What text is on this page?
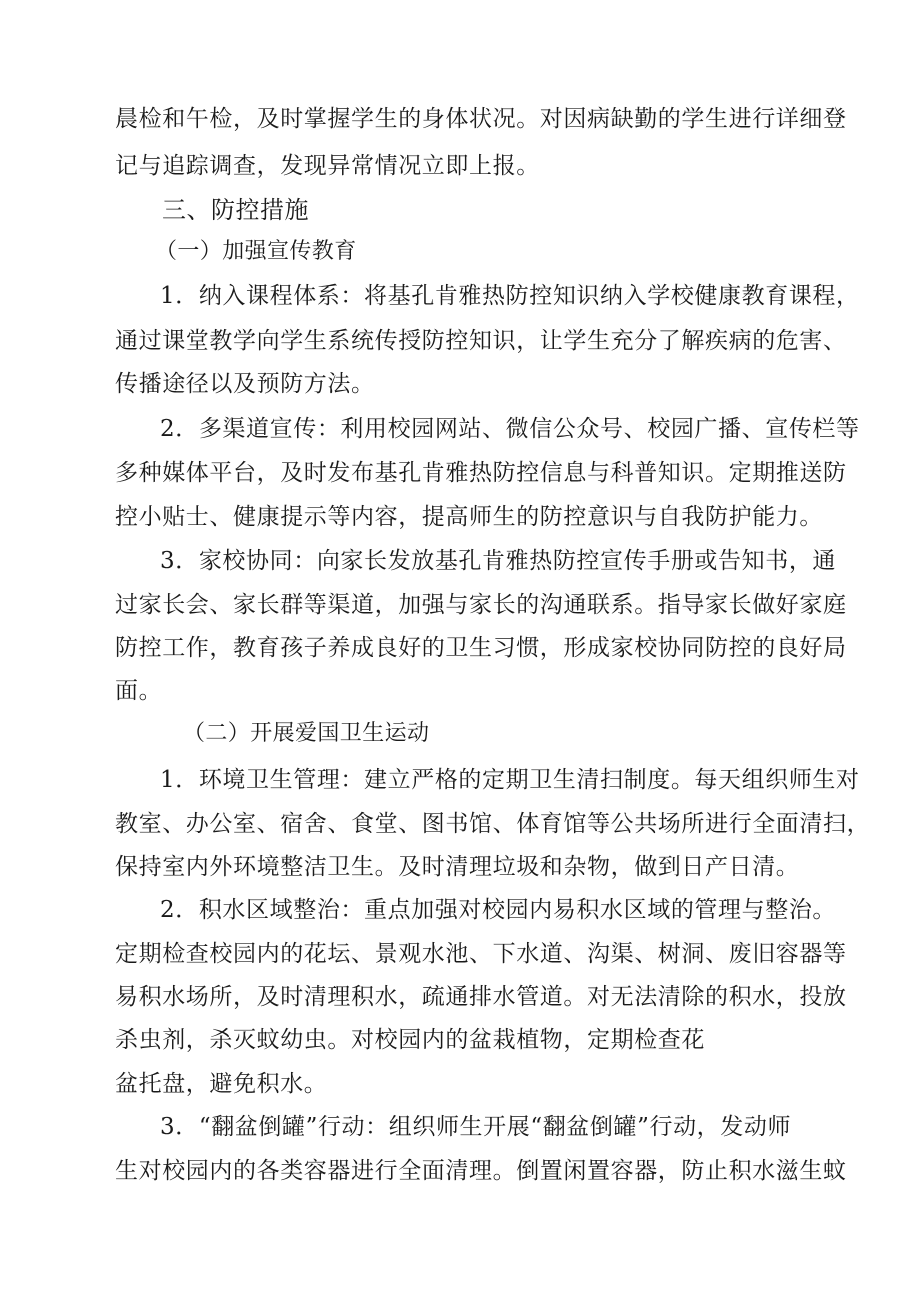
晨检和午检，及时掌握学生的身体状况。对因病缺勤的学生进行详细登

记与追踪调查，发现异常情况立即上报。

三、防控措施

（一）加强宣传教育

1．纳入课程体系：将基孔肯雅热防控知识纳入学校健康教育课程，

通过课堂教学向学生系统传授防控知识，让学生充分了解疾病的危害、

传播途径以及预防方法。

2．多渠道宣传：利用校园网站、微信公众号、校园广播、宣传栏等

多种媒体平台，及时发布基孔肯雅热防控信息与科普知识。定期推送防

控小贴士、健康提示等内容，提高师生的防控意识与自我防护能力。

3．家校协同：向家长发放基孔肯雅热防控宣传手册或告知书，通

过家长会、家长群等渠道，加强与家长的沟通联系。指导家长做好家庭

防控工作，教育孩子养成良好的卫生习惯，形成家校协同防控的良好局

面。

（二）开展爱国卫生运动

1．环境卫生管理：建立严格的定期卫生清扫制度。每天组织师生对

教室、办公室、宿舍、食堂、图书馆、体育馆等公共场所进行全面清扫，

保持室内外环境整洁卫生。及时清理垃圾和杂物，做到日产日清。

2．积水区域整治：重点加强对校园内易积水区域的管理与整治。

定期检查校园内的花坛、景观水池、下水道、沟渠、树洞、废旧容器等

易积水场所，及时清理积水，疏通排水管道。对无法清除的积水，投放

杀虫剂，杀灭蚊幼虫。对校园内的盆栽植物，定期检查花

盆托盘，避免积水。

3．“翻盆倒罐”行动：组织师生开展“翻盆倒罐”行动，发动师

生对校园内的各类容器进行全面清理。倒置闲置容器，防止积水滋生蚊
